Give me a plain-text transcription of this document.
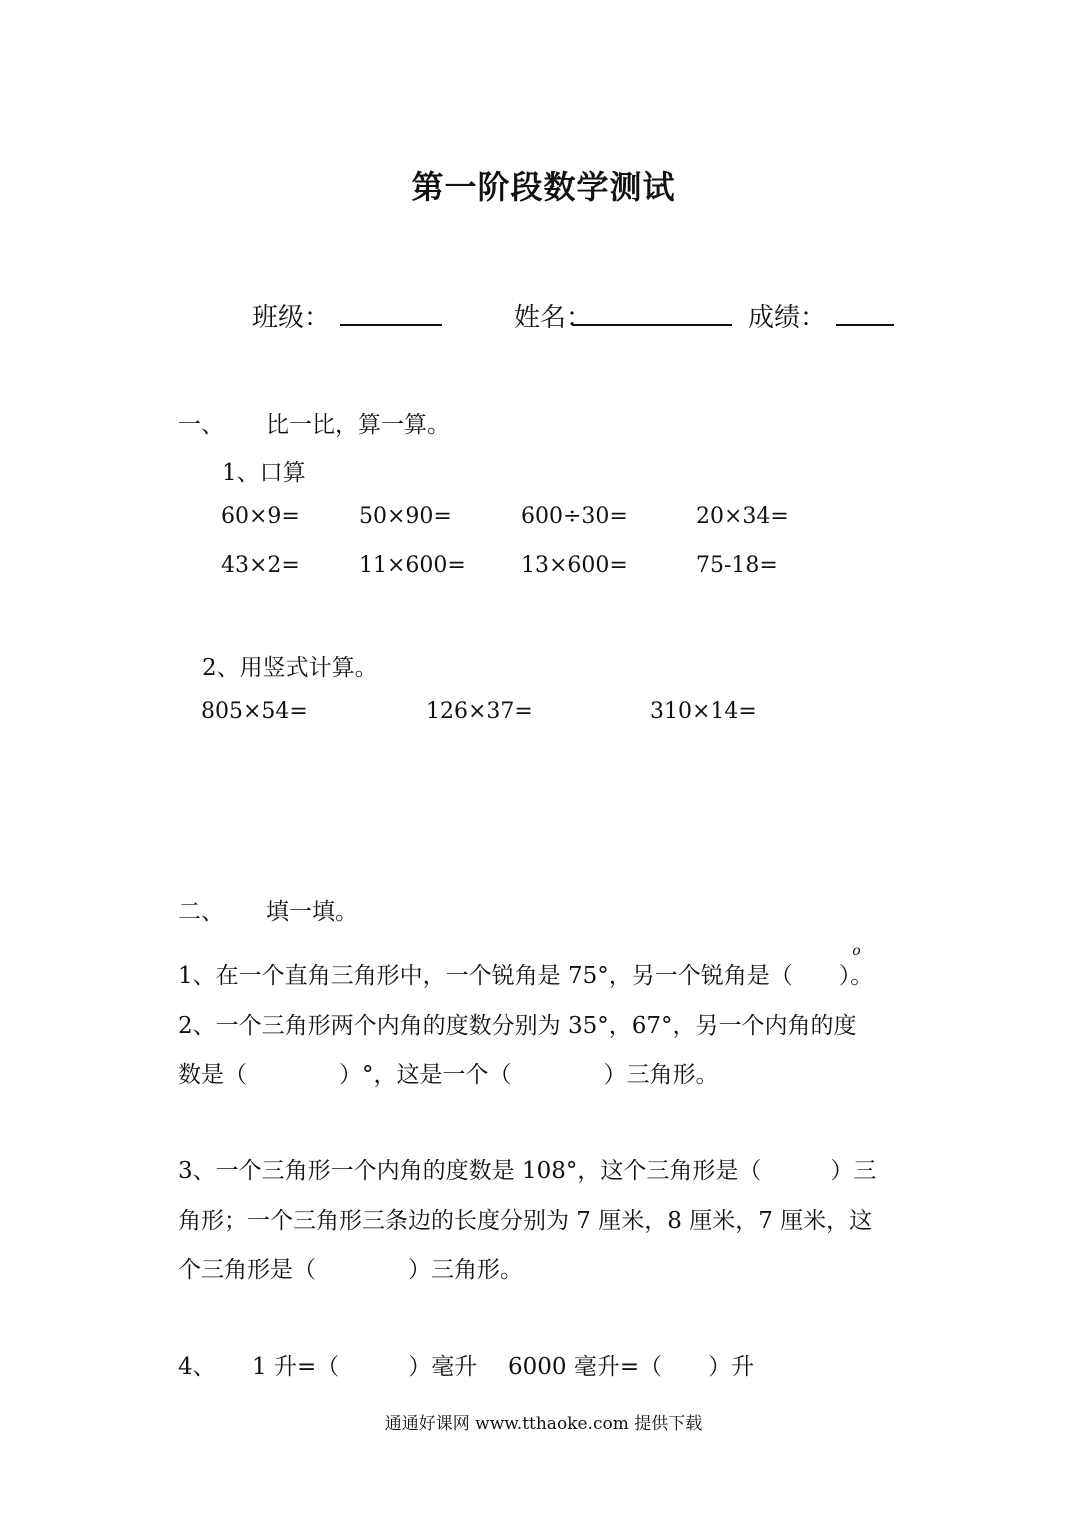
第一阶段数学测试
班级：	姓名：	成绩：
一、 比一比，算一算。
1、口算
60×9=	50×90=	600÷30=	20×34=
43×2=	11×600=	13×600=	75-18=
2、用竖式计算。
805×54=	126×37=	310×14=
二、 填一填。
1、在一个直角三角形中，一个锐角是 75°，另一个锐角是（　　）
o
。
2、一个三角形两个内角的度数分别为 35°，67°，另一个内角的度
数是（　　　　）°，这是一个（　　　　）三角形。
3、一个三角形一个内角的度数是 108°，这个三角形是（　　　）三
角形；一个三角形三条边的长度分别为 7 厘米，8 厘米，7 厘米，这
个三角形是（　　　　）三角形。
4、 1 升=（　　　）毫升 6000 毫升=（　　）升
通通好课网 www.tthaoke.com 提供下载
